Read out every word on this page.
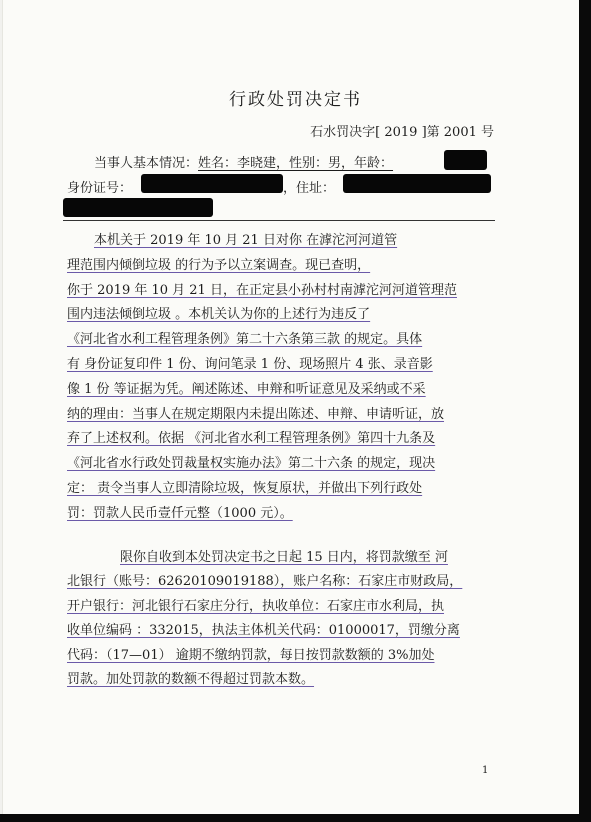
行政处罚决定书
石水罚决字[ 2019 ]第 2001 号
当事人基本情况：姓名：李晓建，性别：男，年龄：
身份证号：	，住址：
本机关于 2019 年 10 月 21 日对你 在滹沱河河道管
理范围内倾倒垃圾 的行为予以立案调查。现已查明，
你于 2019 年 10 月 21 日，在正定县小孙村村南滹沱河河道管理范
围内违法倾倒垃圾 。本机关认为你的上述行为违反了
《河北省水利工程管理条例》第二十六条第三款 的规定。具体
有 身份证复印件 1 份、询问笔录 1 份、现场照片 4 张、录音影
像 1 份 等证据为凭。阐述陈述、申辩和听证意见及采纳或不采
纳的理由：当事人在规定期限内未提出陈述、申辩、申请听证，放
弃了上述权利。依据 《河北省水利工程管理条例》第四十九条及
《河北省水行政处罚裁量权实施办法》第二十六条 的规定，现决
定： 责令当事人立即清除垃圾，恢复原状，并做出下列行政处
罚：罚款人民币壹仟元整（1000 元）。
限你自收到本处罚决定书之日起 15 日内，将罚款缴至 河
北银行（账号：62620109019188），账户名称：石家庄市财政局，
开户银行：河北银行石家庄分行，执收单位：石家庄市水利局，执
收单位编码 ：332015，执法主体机关代码：01000017，罚缴分离
代码：（17—01） 逾期不缴纳罚款，每日按罚款数额的 3%加处
罚款。加处罚款的数额不得超过罚款本数。
1
